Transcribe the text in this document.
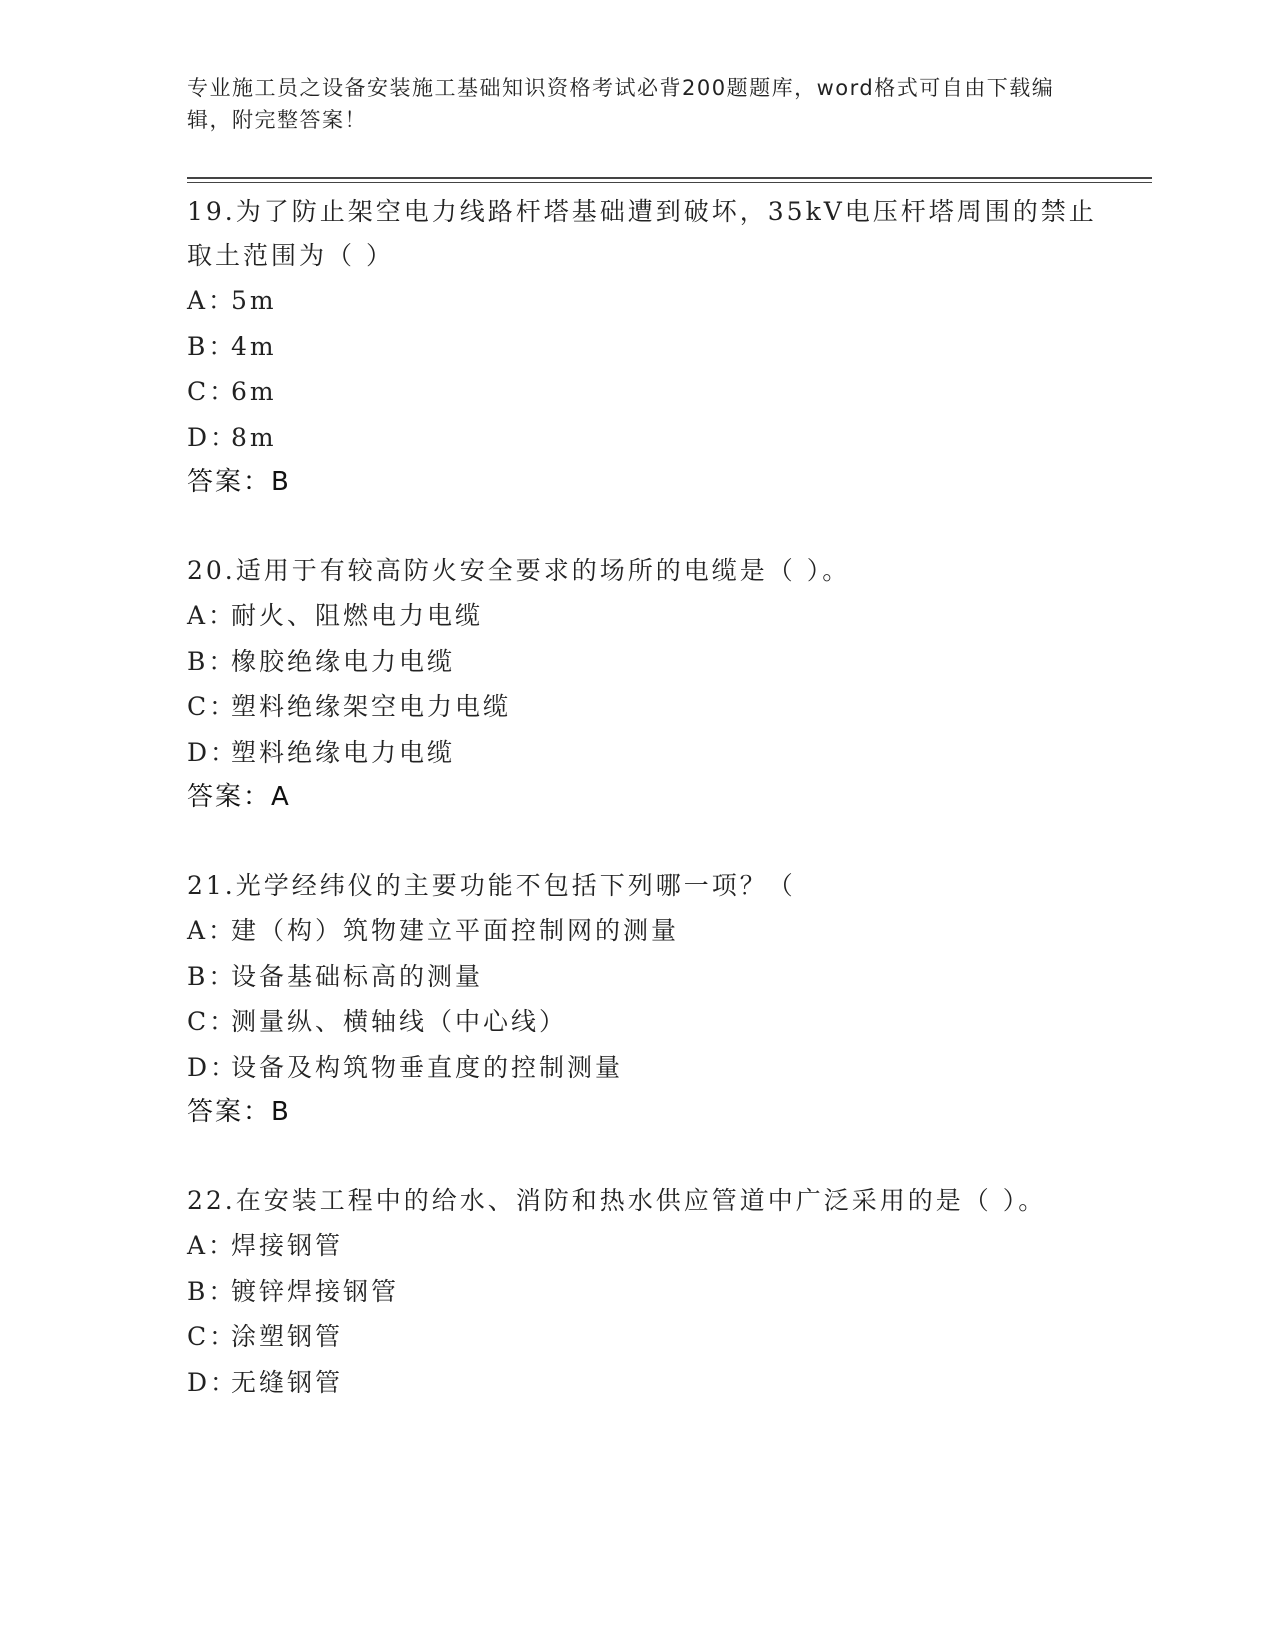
专业施工员之设备安装施工基础知识资格考试必背200题题库，word格式可自由下载编辑，附完整答案！

19.为了防止架空电力线路杆塔基础遭到破坏，35kV电压杆塔周围的禁止取土范围为（ ）

A：5m

B：4m

C：6m

D：8m

答案：B

20.适用于有较高防火安全要求的场所的电缆是（ ）。

A：耐火、阻燃电力电缆

B：橡胶绝缘电力电缆

C：塑料绝缘架空电力电缆

D：塑料绝缘电力电缆

答案：A

21.光学经纬仪的主要功能不包括下列哪一项？（

A：建（构）筑物建立平面控制网的测量

B：设备基础标高的测量

C：测量纵、横轴线（中心线）

D：设备及构筑物垂直度的控制测量

答案：B

22.在安装工程中的给水、消防和热水供应管道中广泛采用的是（ ）。

A：焊接钢管

B：镀锌焊接钢管

C：涂塑钢管

D：无缝钢管
